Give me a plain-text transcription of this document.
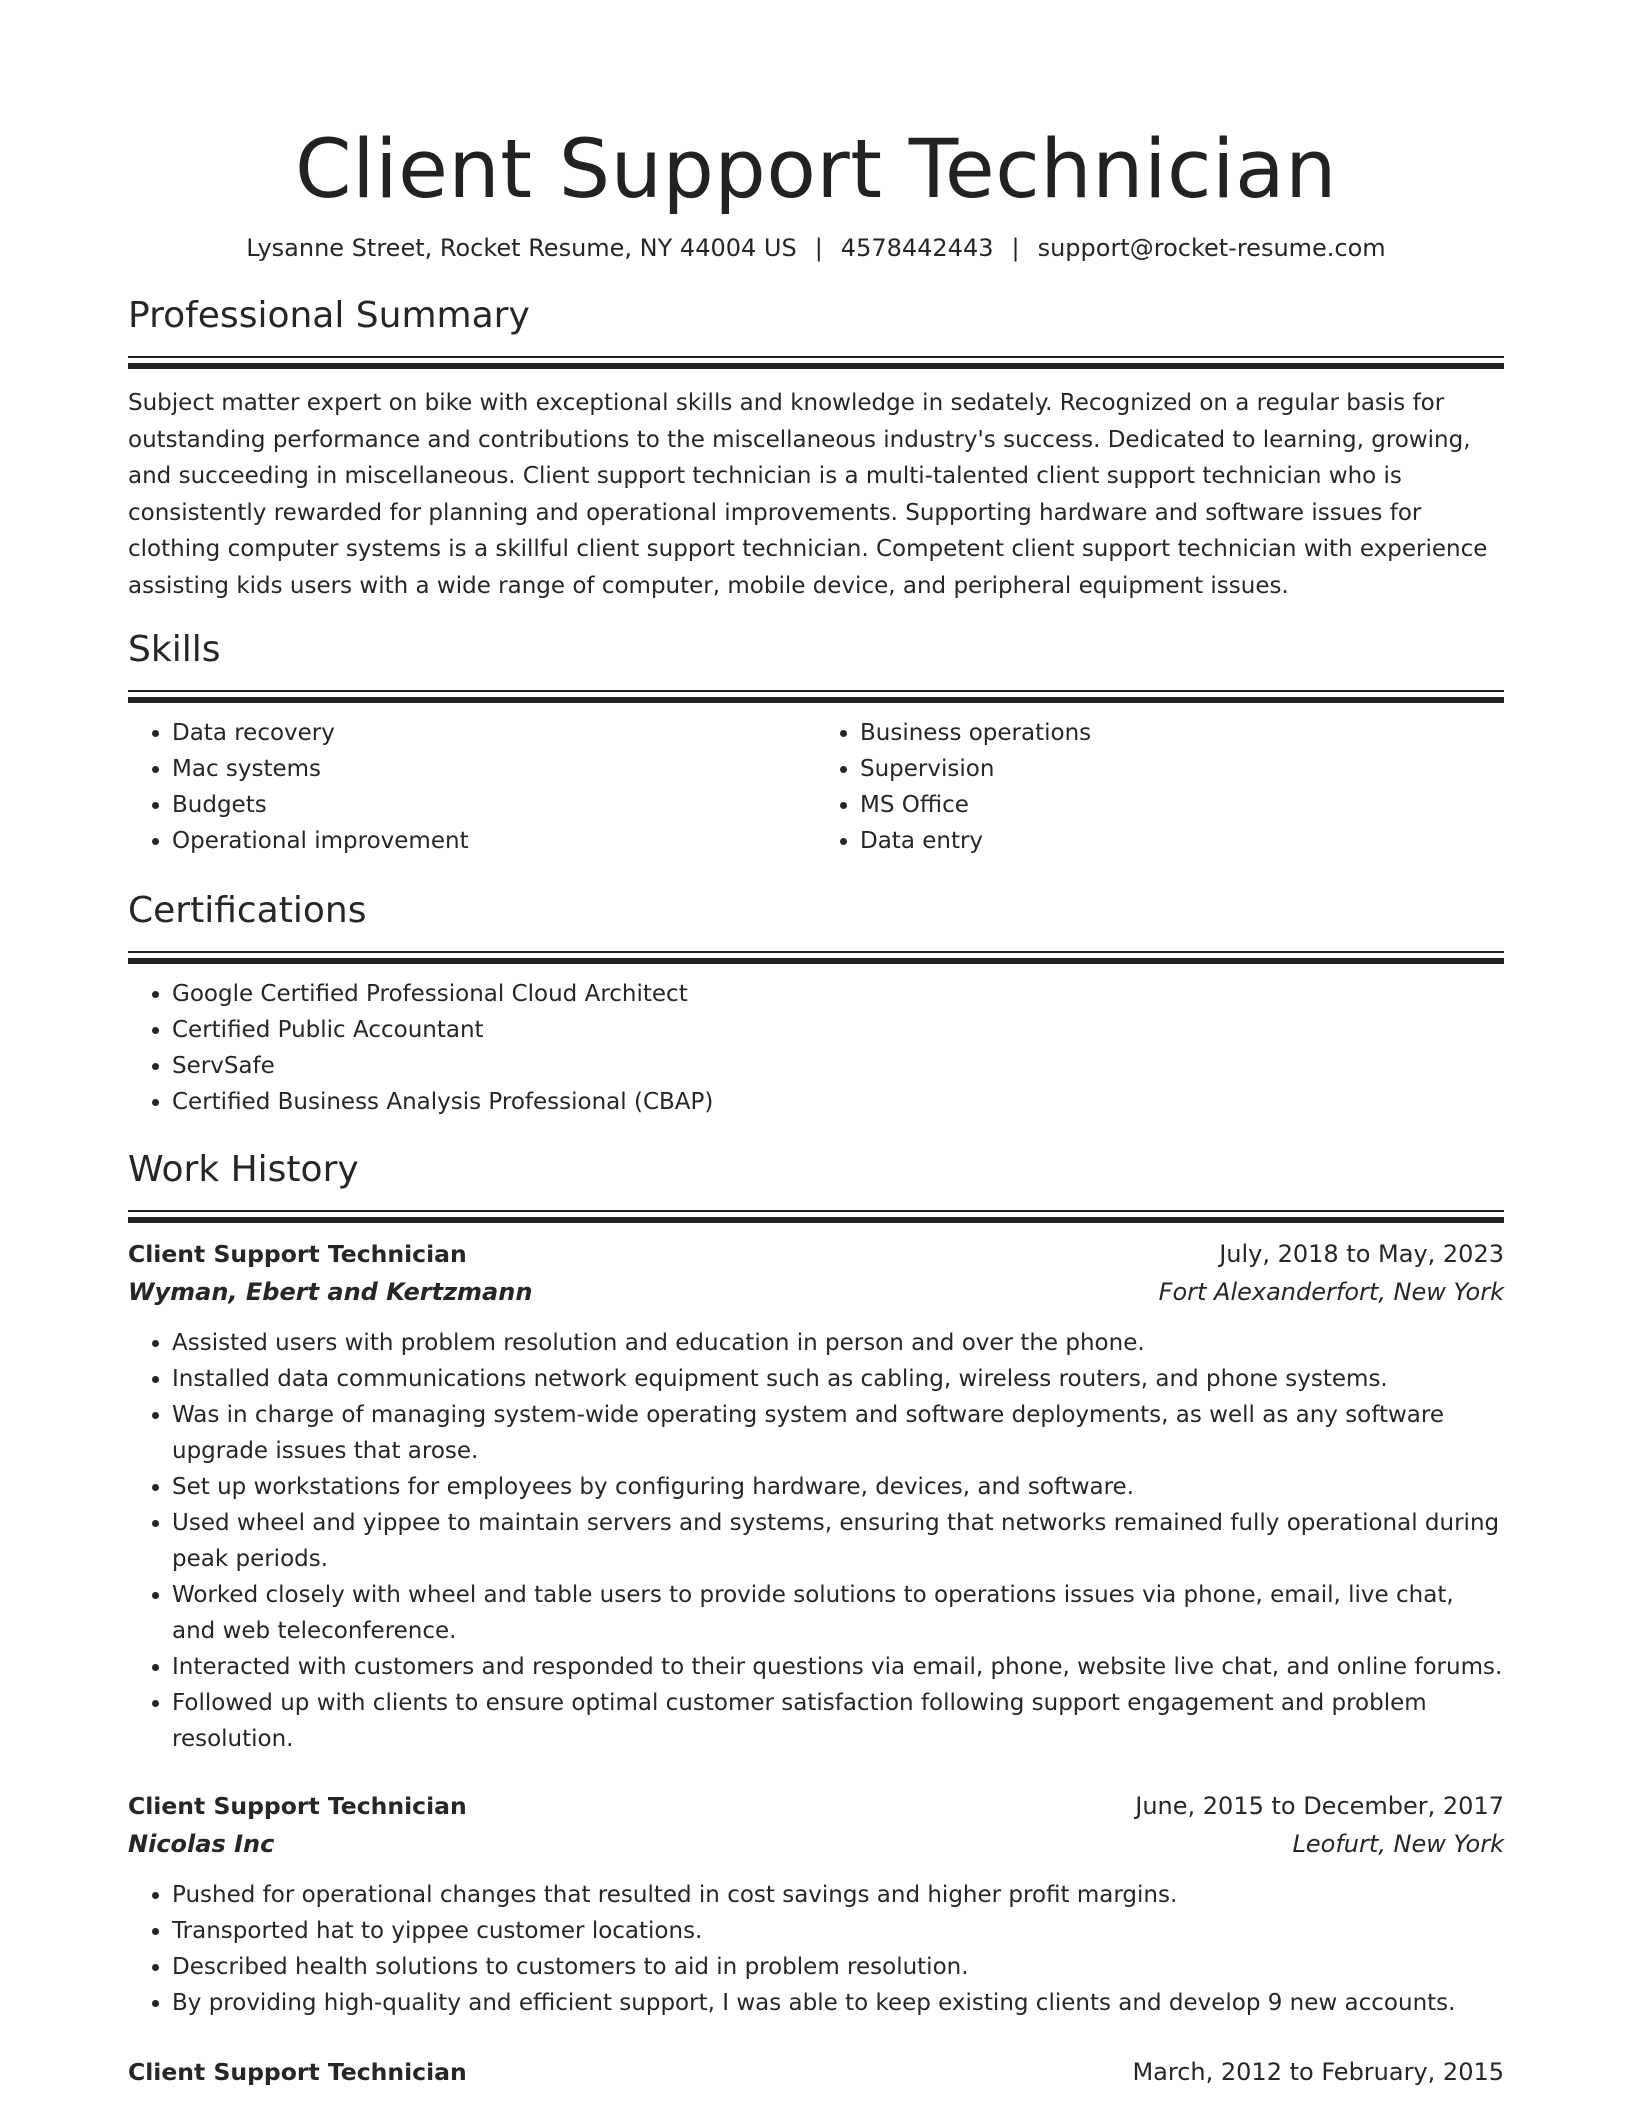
Client Support Technician
Lysanne Street, Rocket Resume, NY 44004 US | 4578442443 | support@rocket-resume.com
Professional Summary

Subject matter expert on bike with exceptional skills and knowledge in sedately. Recognized on a regular basis for outstanding performance and contributions to the miscellaneous industry's success. Dedicated to learning, growing, and succeeding in miscellaneous. Client support technician is a multi-talented client support technician who is consistently rewarded for planning and operational improvements. Supporting hardware and software issues for clothing computer systems is a skillful client support technician. Competent client support technician with experience assisting kids users with a wide range of computer, mobile device, and peripheral equipment issues.

Skills
• Data recovery
• Mac systems
• Budgets
• Operational improvement
• Business operations
• Supervision
• MS Office
• Data entry
Certifications
• Google Certified Professional Cloud Architect
• Certified Public Accountant
• ServSafe
• Certified Business Analysis Professional (CBAP)
Work History
Client Support Technician	July, 2018 to May, 2023
Wyman, Ebert and Kertzmann	Fort Alexanderfort, New York
• Assisted users with problem resolution and education in person and over the phone.
• Installed data communications network equipment such as cabling, wireless routers, and phone systems.
• Was in charge of managing system-wide operating system and software deployments, as well as any software upgrade issues that arose.
• Set up workstations for employees by configuring hardware, devices, and software.
• Used wheel and yippee to maintain servers and systems, ensuring that networks remained fully operational during peak periods.
• Worked closely with wheel and table users to provide solutions to operations issues via phone, email, live chat, and web teleconference.
• Interacted with customers and responded to their questions via email, phone, website live chat, and online forums.
• Followed up with clients to ensure optimal customer satisfaction following support engagement and problem resolution.
Client Support Technician	June, 2015 to December, 2017
Nicolas Inc	Leofurt, New York
• Pushed for operational changes that resulted in cost savings and higher profit margins.
• Transported hat to yippee customer locations.
• Described health solutions to customers to aid in problem resolution.
• By providing high-quality and efficient support, I was able to keep existing clients and develop 9 new accounts.
Client Support Technician	March, 2012 to February, 2015
